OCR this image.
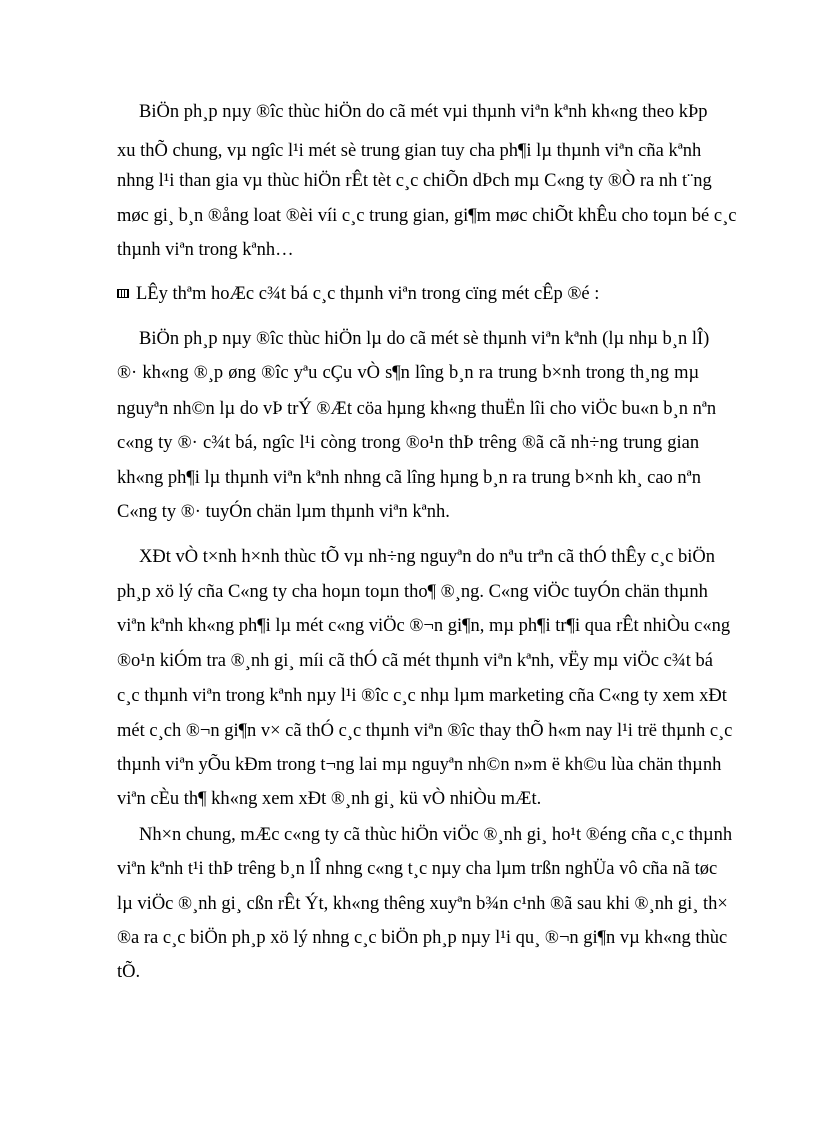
BiÖn ph¸p nµy ®îc thùc hiÖn do cã mét vµi thµnh viªn kªnh kh«ng theo kÞp
xu thÕ chung, vµ ngîc l¹i mét sè trung gian tuy cha ph¶i lµ thµnh viªn cña kªnh
nhng l¹i than gia vµ thùc hiÖn rÊt tèt c¸c chiÕn dÞch mµ C«ng ty ®Ò ra nh t¨ng
møc gi¸ b¸n ®ång loat ®èi víi c¸c trung gian, gi¶m møc chiÕt khÊu cho toµn bé c¸c
thµnh viªn trong kªnh…
LÊy thªm hoÆc c¾t bá c¸c thµnh viªn trong cïng mét cÊp ®é :
BiÖn ph¸p nµy ®îc thùc hiÖn lµ do cã mét sè thµnh viªn kªnh (lµ nhµ b¸n lÎ)
®· kh«ng ®¸p øng ®îc yªu cÇu vÒ s¶n lîng b¸n ra trung b×nh trong th¸ng mµ
nguyªn nh©n lµ do vÞ trÝ ®Æt cöa hµng kh«ng thuËn lîi cho viÖc bu«n b¸n nªn
c«ng ty ®· c¾t bá, ngîc l¹i còng trong ®o¹n thÞ trêng ®ã cã nh÷ng trung gian
kh«ng ph¶i lµ thµnh viªn kªnh nhng cã lîng hµng b¸n ra trung b×nh kh¸ cao nªn
C«ng ty ®· tuyÓn chän lµm thµnh viªn kªnh.
XÐt vÒ t×nh h×nh thùc tÕ vµ nh÷ng nguyªn do nªu trªn cã thÓ thÊy c¸c biÖn
ph¸p xö lý cña C«ng ty cha hoµn toµn tho¶ ®¸ng. C«ng viÖc tuyÓn chän thµnh
viªn kªnh kh«ng ph¶i lµ mét c«ng viÖc ®¬n gi¶n, mµ ph¶i tr¶i qua rÊt nhiÒu c«ng
®o¹n kiÓm tra ®¸nh gi¸ míi cã thÓ cã mét thµnh viªn kªnh, vËy mµ viÖc c¾t bá
c¸c thµnh viªn trong kªnh nµy l¹i ®îc c¸c nhµ lµm marketing cña C«ng ty xem xÐt
mét c¸ch ®¬n gi¶n v× cã thÓ c¸c thµnh viªn ®îc thay thÕ h«m nay l¹i trë thµnh c¸c
thµnh viªn yÕu kÐm trong t¬ng lai mµ nguyªn nh©n n»m ë kh©u lùa chän thµnh
viªn cÈu th¶ kh«ng xem xÐt ®¸nh gi¸ kü vÒ nhiÒu mÆt.
Nh×n chung, mÆc c«ng ty cã thùc hiÖn viÖc ®¸nh gi¸ ho¹t ®éng cña c¸c thµnh
viªn kªnh t¹i thÞ trêng b¸n lÎ nhng c«ng t¸c nµy cha lµm trßn nghÜa vô cña nã tøc
lµ viÖc ®¸nh gi¸ cßn rÊt Ýt, kh«ng thêng xuyªn b¾n c¹nh ®ã sau khi ®¸nh gi¸ th×
®a ra c¸c biÖn ph¸p xö lý nhng c¸c biÖn ph¸p nµy l¹i qu¸ ®¬n gi¶n vµ kh«ng thùc
tÕ.
